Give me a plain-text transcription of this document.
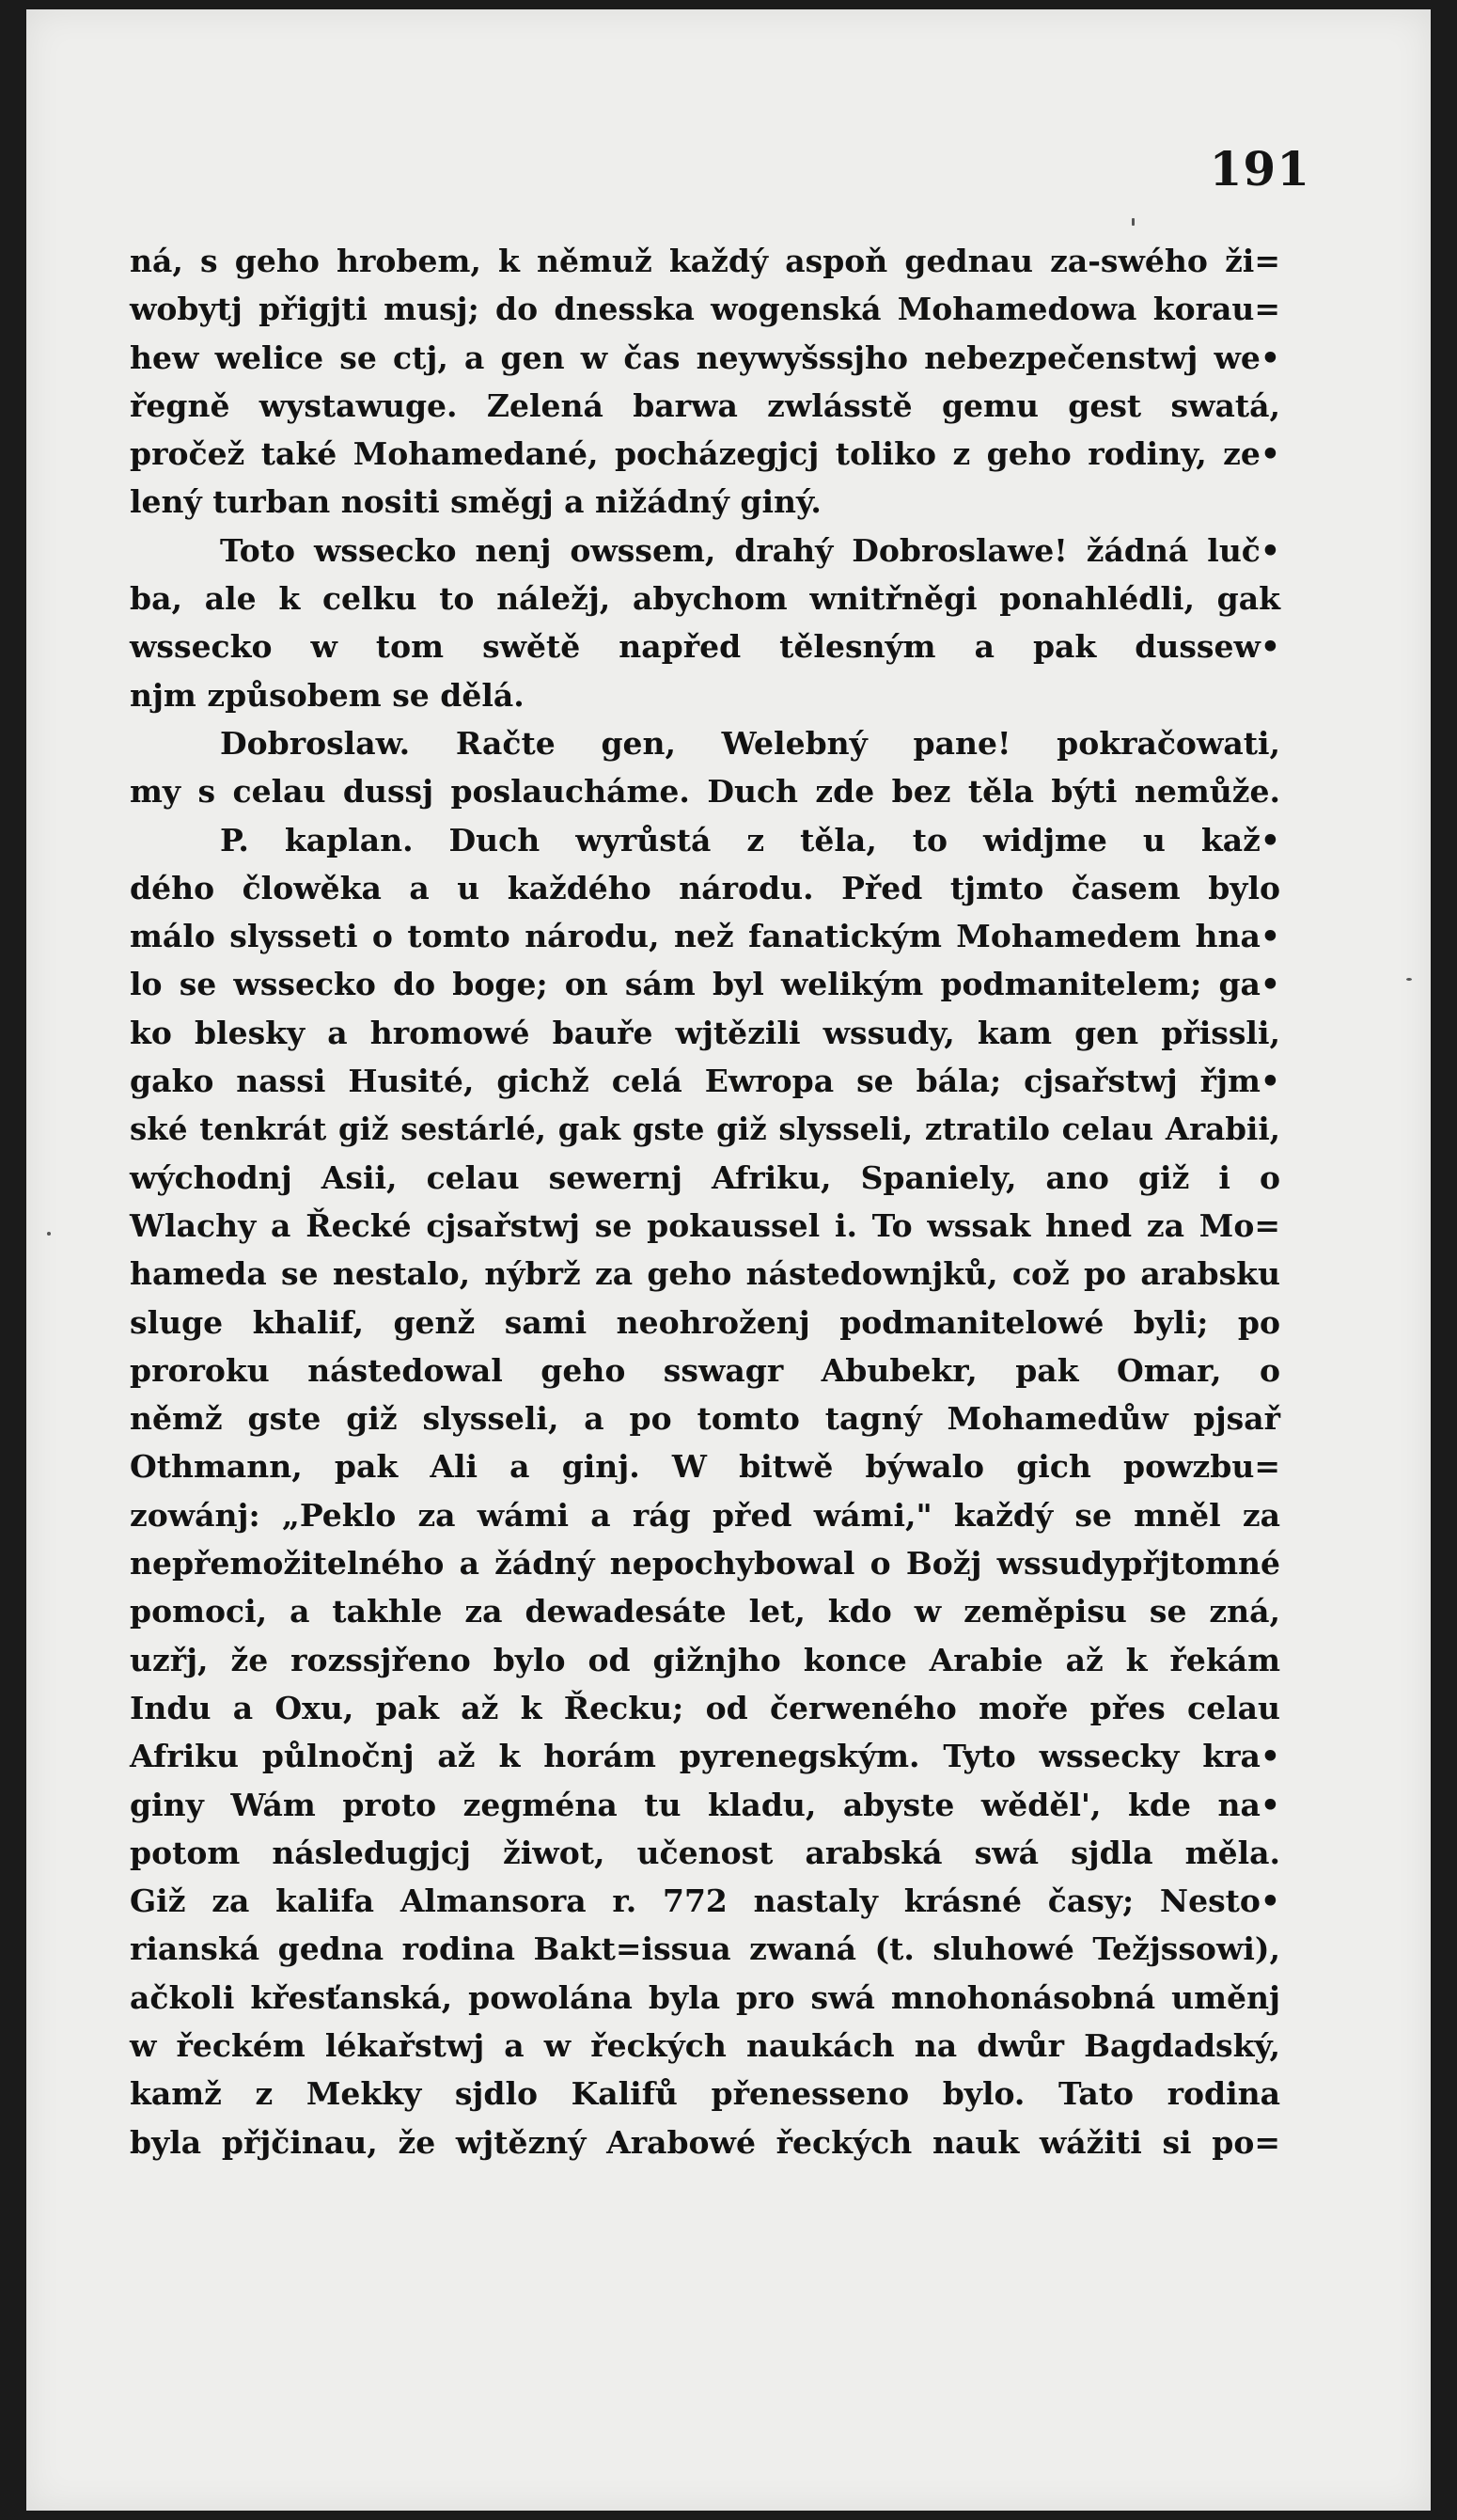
191
ná, s geho hrobem, k němuž každý aspoň gednau za-swého ži=
wobytj přigjti musj; do dnesska wogenská Mohamedowa korau=
hew welice se ctj, a gen w čas neywyšssjho nebezpečenstwj we•
řegně wystawuge. Zelená barwa zwlásstě gemu gest swatá,
pročež také Mohamedané, pocházegjcj toliko z geho rodiny, ze•
lený turban nositi směgj a nižádný giný.
Toto wssecko nenj owssem, drahý Dobroslawe! žádná luč•
ba, ale k celku to náležj, abychom wnitřněgi ponahlédli, gak
wssecko w tom swětě napřed tělesným a pak dussew•
njm způsobem se dělá.
Dobroslaw. Račte gen, Welebný pane! pokračowati,
my s celau dussj poslaucháme. Duch zde bez těla býti nemůže.
P. kaplan. Duch wyrůstá z těla, to widjme u kaž•
dého člowěka a u každého národu. Před tjmto časem bylo
málo slysseti o tomto národu, než fanatickým Mohamedem hna•
lo se wssecko do boge; on sám byl welikým podmanitelem; ga•
ko blesky a hromowé bauře wjtězili wssudy, kam gen přissli,
gako nassi Husité, gichž celá Ewropa se bála; cjsařstwj řjm•
ské tenkrát giž sestárlé, gak gste giž slysseli, ztratilo celau Arabii,
wýchodnj Asii, celau sewernj Afriku, Spaniely, ano giž i o
Wlachy a Řecké cjsařstwj se pokaussel i. To wssak hned za Mo=
hameda se nestalo, nýbrž za geho nástedownjků, což po arabsku
sluge khalif, genž sami neohroženj podmanitelowé byli; po
proroku nástedowal geho sswagr Abubekr, pak Omar, o
němž gste giž slysseli, a po tomto tagný Mohamedůw pjsař
Othmann, pak Ali a ginj. W bitwě býwalo gich powzbu=
zowánj: „Peklo za wámi a rág před wámi," každý se mněl za
nepřemožitelného a žádný nepochybowal o Božj wssudypřjtomné
pomoci, a takhle za dewadesáte let, kdo w zeměpisu se zná,
uzřj, že rozssjřeno bylo od gižnjho konce Arabie až k řekám
Indu a Oxu, pak až k Řecku; od čerweného moře přes celau
Afriku půlnočnj až k horám pyrenegským. Tyto wssecky kra•
giny Wám proto zegména tu kladu, abyste wěděl', kde na•
potom následugjcj žiwot, učenost arabská swá sjdla měla.
Giž za kalifa Almansora r. 772 nastaly krásné časy; Nesto•
rianská gedna rodina Bakt=issua zwaná (t. sluhowé Težjssowi),
ačkoli křesťanská, powolána byla pro swá mnohonásobná uměnj
w řeckém lékařstwj a w řeckých naukách na dwůr Bagdadský,
kamž z Mekky sjdlo Kalifů přenesseno bylo. Tato rodina
byla přjčinau, že wjtězný Arabowé řeckých nauk wážiti si po=
